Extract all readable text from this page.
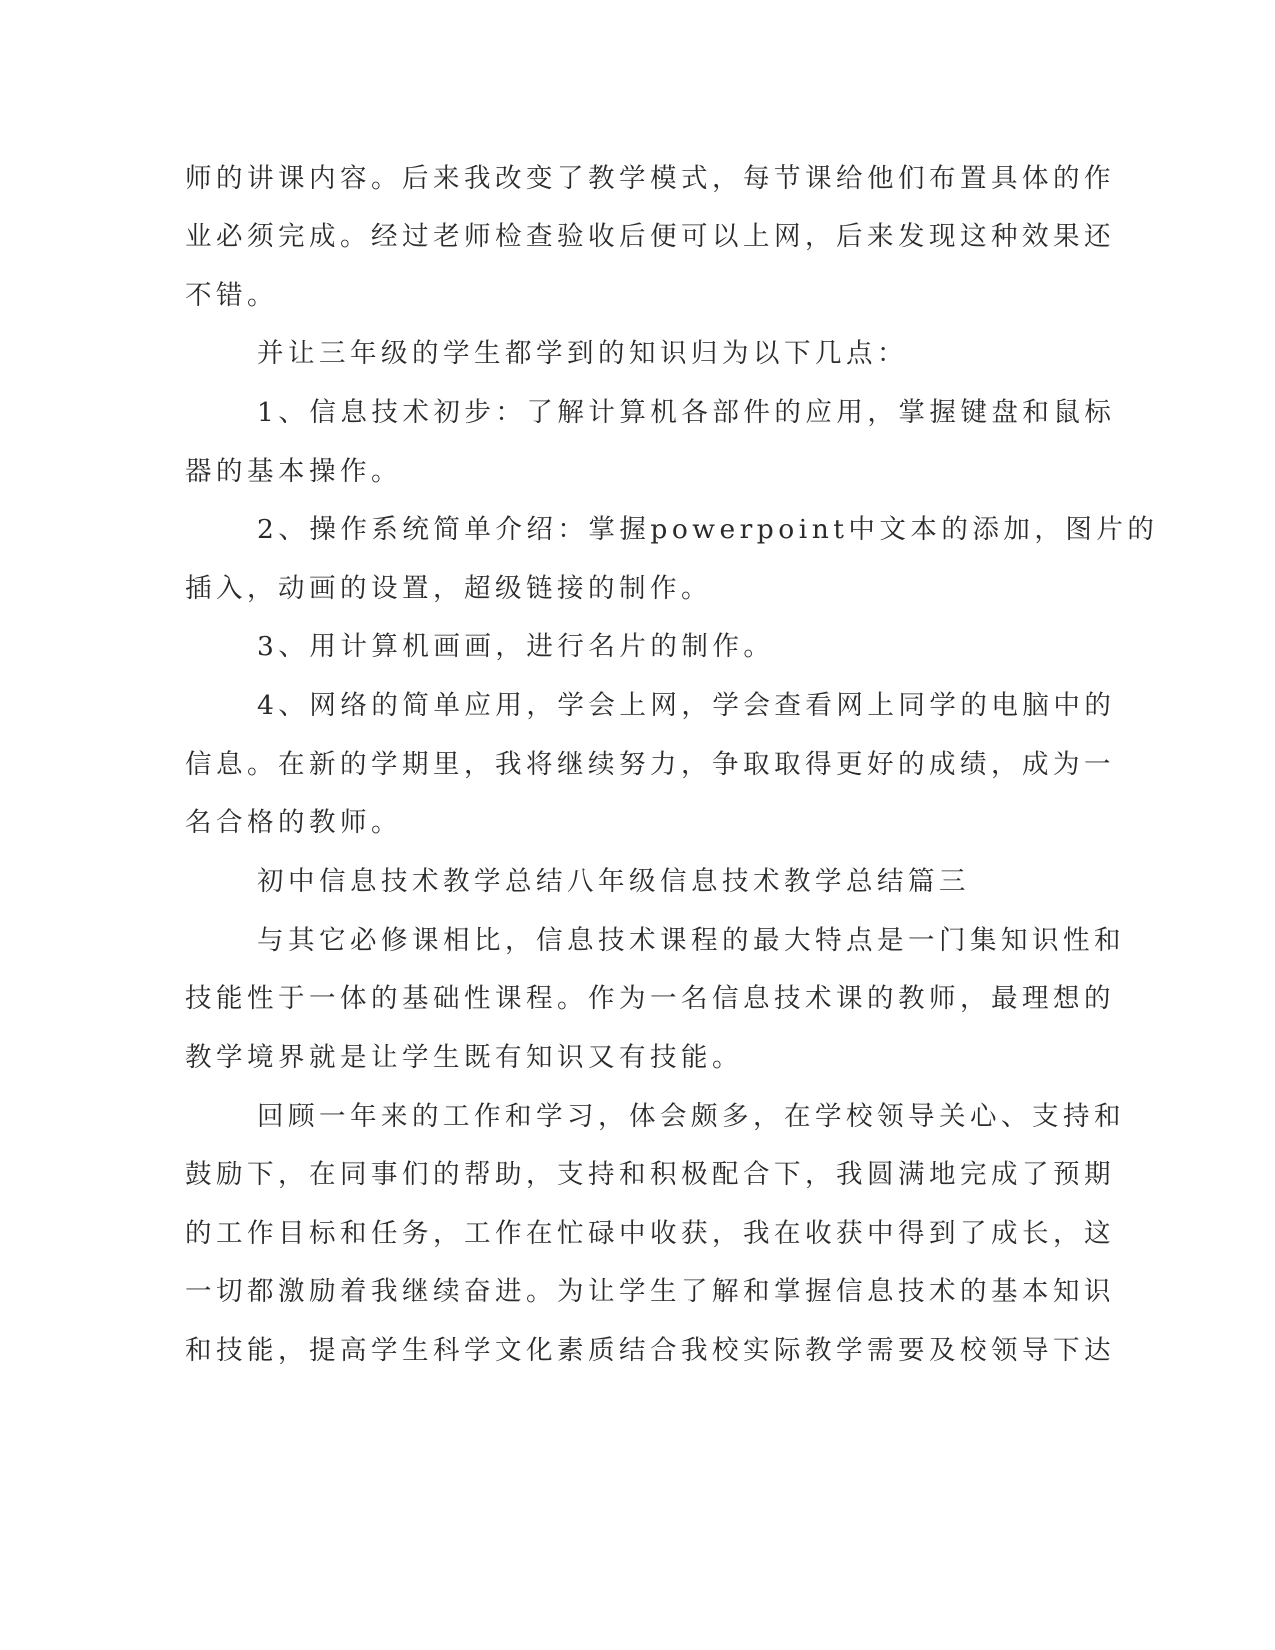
师的讲课内容。后来我改变了教学模式，每节课给他们布置具体的作
业必须完成。经过老师检查验收后便可以上网，后来发现这种效果还
不错。
并让三年级的学生都学到的知识归为以下几点：
1、信息技术初步：了解计算机各部件的应用，掌握键盘和鼠标
器的基本操作。
2、操作系统简单介绍：掌握powerpoint中文本的添加，图片的
插入，动画的设置，超级链接的制作。
3、用计算机画画，进行名片的制作。
4、网络的简单应用，学会上网，学会查看网上同学的电脑中的
信息。在新的学期里，我将继续努力，争取取得更好的成绩，成为一
名合格的教师。
初中信息技术教学总结八年级信息技术教学总结篇三
与其它必修课相比，信息技术课程的最大特点是一门集知识性和
技能性于一体的基础性课程。作为一名信息技术课的教师，最理想的
教学境界就是让学生既有知识又有技能。
回顾一年来的工作和学习，体会颇多，在学校领导关心、支持和
鼓励下，在同事们的帮助，支持和积极配合下，我圆满地完成了预期
的工作目标和任务，工作在忙碌中收获，我在收获中得到了成长，这
一切都激励着我继续奋进。为让学生了解和掌握信息技术的基本知识
和技能，提高学生科学文化素质结合我校实际教学需要及校领导下达
